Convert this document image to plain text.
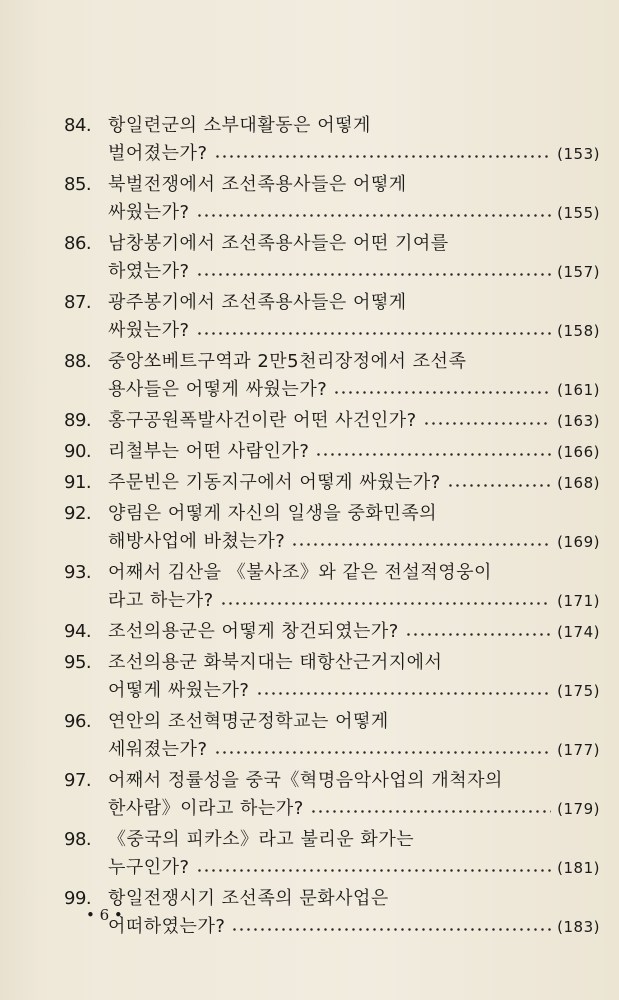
84. 항일련군의 소부대활동은 어떻게
벌어졌는가?	(153)
85. 북벌전쟁에서 조선족용사들은 어떻게
싸웠는가?	(155)
86. 남창봉기에서 조선족용사들은 어떤 기여를
하였는가?	(157)
87. 광주봉기에서 조선족용사들은 어떻게
싸웠는가?	(158)
88. 중앙쏘베트구역과 2만5천리장정에서 조선족
용사들은 어떻게 싸웠는가?	(161)
89. 홍구공원폭발사건이란 어떤 사건인가?	(163)
90. 리철부는 어떤 사람인가?	(166)
91. 주문빈은 기동지구에서 어떻게 싸웠는가?	(168)
92. 양림은 어떻게 자신의 일생을 중화민족의
해방사업에 바쳤는가?	(169)
93. 어째서 김산을 《불사조》와 같은 전설적영웅이
라고 하는가?	(171)
94. 조선의용군은 어떻게 창건되였는가?	(174)
95. 조선의용군 화북지대는 태항산근거지에서
어떻게 싸웠는가?	(175)
96. 연안의 조선혁명군정학교는 어떻게
세워졌는가?	(177)
97. 어째서 정률성을 중국《혁명음악사업의 개척자의
한사람》이라고 하는가?	(179)
98. 《중국의 피카소》라고 불리운 화가는
누구인가?	(181)
99. 항일전쟁시기 조선족의 문화사업은
어떠하였는가?	(183)
• 6 •
